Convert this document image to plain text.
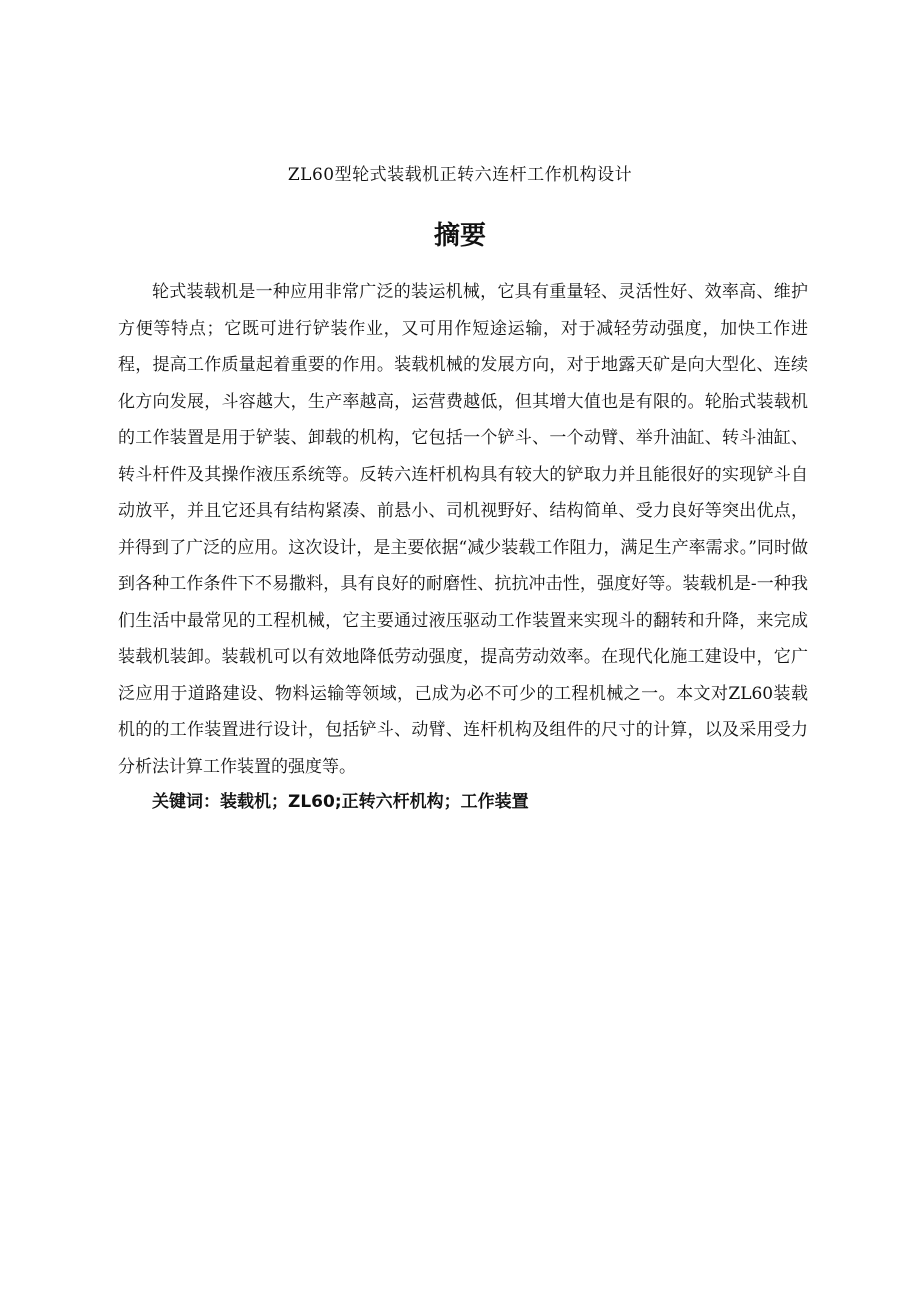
ZL60型轮式装载机正转六连杆工作机构设计
摘要

轮式装载机是一种应用非常广泛的装运机械，它具有重量轻、灵活性好、效率高、维护方便等特点；它既可进行铲装作业，又可用作短途运输，对于减轻劳动强度，加快工作进程，提高工作质量起着重要的作用。装载机械的发展方向，对于地露天矿是向大型化、连续化方向发展，斗容越大，生产率越高，运营费越低，但其增大值也是有限的。轮胎式装载机的工作装置是用于铲装、卸载的机构，它包括一个铲斗、一个动臂、举升油缸、转斗油缸、转斗杆件及其操作液压系统等。反转六连杆机构具有较大的铲取力并且能很好的实现铲斗自动放平，并且它还具有结构紧凑、前悬小、司机视野好、结构简单、受力良好等突出优点，并得到了广泛的应用。这次设计，是主要依据“减少装载工作阻力，满足生产率需求。”同时做到各种工作条件下不易撒料，具有良好的耐磨性、抗抗冲击性，强度好等。装载机是-一种我们生活中最常见的工程机械，它主要通过液压驱动工作装置来实现斗的翻转和升降，来完成装载机装卸。装载机可以有效地降低劳动强度，提高劳动效率。在现代化施工建设中，它广泛应用于道路建设、物料运输等领域，己成为必不可少的工程机械之一。本文对ZL60装载机的的工作装置进行设计，包括铲斗、动臂、连杆机构及组件的尺寸的计算，以及采用受力分析法计算工作装置的强度等。

关键词：装载机；ZL60;正转六杆机构；工作装置
